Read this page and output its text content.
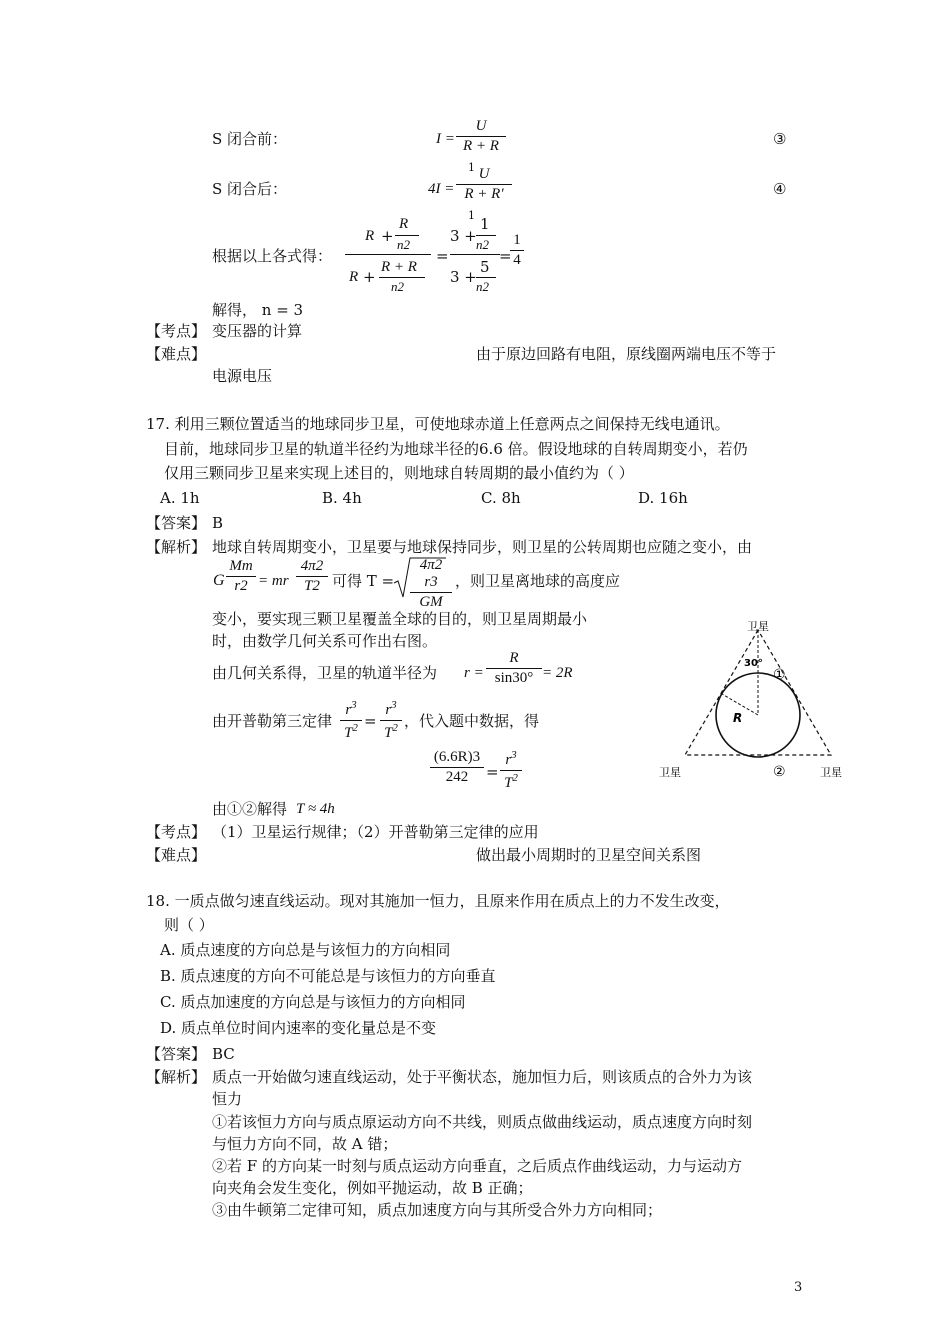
S 闭合前：	I =
U
R + R
1
③
S 闭合后：	4I =
U
R + R′
1
④
根据以上各式得：
R +
R
n2
R +
R + R
n2
=
3 +
1
n2
3 +
5
n2
=
1
4
解得， n = 3
【考点】 变压器的计算
【难点】	由于原边回路有电阻，原线圈两端电压不等于
电源电压
17. 利用三颗位置适当的地球同步卫星，可使地球赤道上任意两点之间保持无线电通讯。
目前，地球同步卫星的轨道半径约为地球半径的6.6 倍。假设地球的自转周期变小，若仍
仅用三颗同步卫星来实现上述目的，则地球自转周期的最小值约为（ ）
A. 1h	B. 4h	C. 8h	D. 16h
【答案】 B
【解析】 地球自转周期变小，卫星要与地球保持同步，则卫星的公转周期也应随之变小，由
G
Mm
r2 = mr
4π2
T2 可得 T =
4π2 r3
GM
，则卫星离地球的高度应
变小，要实现三颗卫星覆盖全球的目的，则卫星周期最小
时，由数学几何关系可作出右图。
由几何关系得，卫星的轨道半径为 r =
R
sin30° = 2R
由开普勒第三定律
$r^3$
$T^2$ =
$r^3$
$T^2$ ，代入题中数据，得
(6.6R)3
242	=
$r^3$
$T^2$
由①②解得 T ≈ 4h
【考点】 （1）卫星运行规律；（2）开普勒第三定律的应用
【难点】	做出最小周期时的卫星空间关系图
卫星
30°
R
①
②
卫星	卫星
18. 一质点做匀速直线运动。现对其施加一恒力，且原来作用在质点上的力不发生改变，
则（ ）
A. 质点速度的方向总是与该恒力的方向相同
B. 质点速度的方向不可能总是与该恒力的方向垂直
C. 质点加速度的方向总是与该恒力的方向相同
D. 质点单位时间内速率的变化量总是不变
【答案】 BC
【解析】 质点一开始做匀速直线运动，处于平衡状态，施加恒力后，则该质点的合外力为该
恒力
①若该恒力方向与质点原运动方向不共线，则质点做曲线运动，质点速度方向时刻
与恒力方向不同，故 A 错；
②若 F 的方向某一时刻与质点运动方向垂直，之后质点作曲线运动，力与运动方
向夹角会发生变化，例如平抛运动，故 B 正确；
③由牛顿第二定律可知，质点加速度方向与其所受合外力方向相同；
3
